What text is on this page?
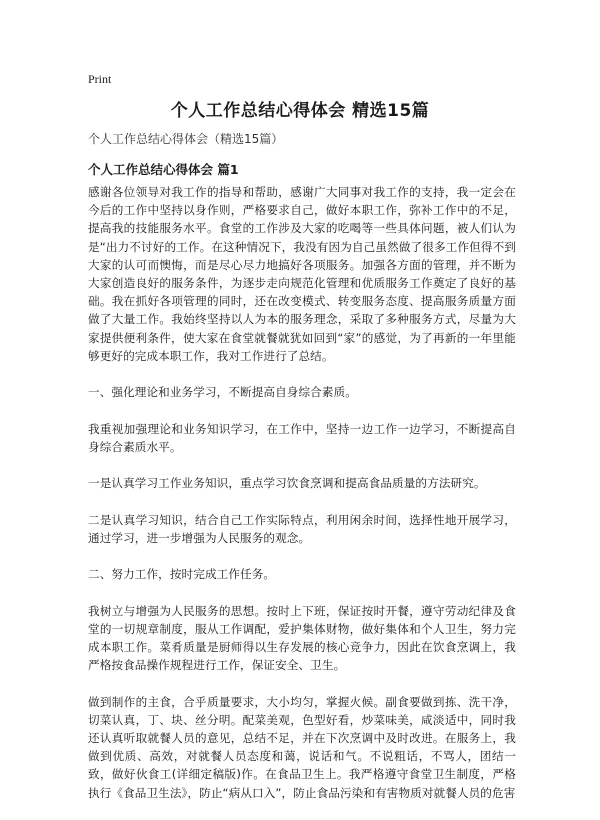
Print
个人工作总结心得体会 精选15篇
个人工作总结心得体会（精选15篇）
个人工作总结心得体会 篇1

感谢各位领导对我工作的指导和帮助，感谢广大同事对我工作的支持，我一定会在今后的工作中坚持以身作则，严格要求自己，做好本职工作，弥补工作中的不足，提高我的技能服务水平。食堂的工作涉及大家的吃喝等一些具体问题，被人们认为是“出力不讨好的工作。在这种情况下，我没有因为自己虽然做了很多工作但得不到大家的认可而懊悔，而是尽心尽力地搞好各项服务。加强各方面的管理，并不断为大家创造良好的服务条件，为逐步走向规范化管理和优质服务工作奠定了良好的基础。我在抓好各项管理的同时，还在改变模式、转变服务态度、提高服务质量方面做了大量工作。我始终坚持以人为本的服务理念，采取了多种服务方式，尽量为大家提供便利条件，使大家在食堂就餐就犹如回到“家”的感觉，为了再新的一年里能够更好的完成本职工作，我对工作进行了总结。

一、强化理论和业务学习，不断提高自身综合素质。

我重视加强理论和业务知识学习，在工作中，坚持一边工作一边学习，不断提高自身综合素质水平。

一是认真学习工作业务知识，重点学习饮食烹调和提高食品质量的方法研究。

二是认真学习知识，结合自己工作实际特点，利用闲余时间，选择性地开展学习，通过学习，进一步增强为人民服务的观念。

二、努力工作，按时完成工作任务。

我树立与增强为人民服务的思想。按时上下班，保证按时开餐，遵守劳动纪律及食堂的一切规章制度，服从工作调配，爱护集体财物，做好集体和个人卫生，努力完成本职工作。菜肴质量是厨师得以生存发展的核心竞争力，因此在饮食烹调上，我严格按食品操作规程进行工作，保证安全、卫生。

做到制作的主食，合乎质量要求，大小均匀，掌握火候。副食要做到拣、洗干净，切菜认真，丁、块、丝分明。配菜美观，色型好看，炒菜味美，咸淡适中，同时我还认真听取就餐人员的意见，总结不足，并在下次烹调中及时改进。在服务上，我做到优质、高效，对就餐人员态度和蔼，说话和气。不说粗话，不骂人，团结一致，做好伙食工(详细定稿版)作。在食品卫生上。我严格遵守食堂卫生制度，严格执行《食品卫生法》，防止“病从口入”，防止食品污染和有害物质对就餐人员的危害
